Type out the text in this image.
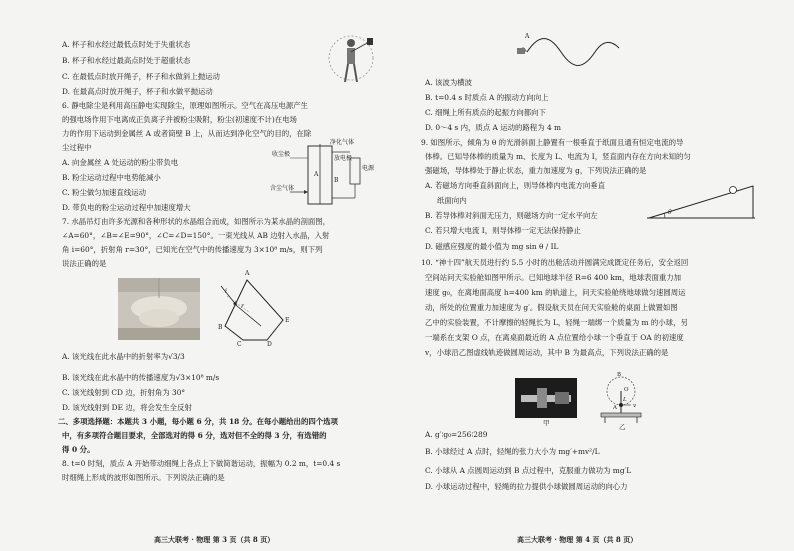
A. 杯子和水经过最低点时处于失重状态
B. 杯子和水经过最高点时处于超重状态
C. 在最低点时放开绳子，杯子和水做斜上抛运动
D. 在最高点时放开绳子，杯子和水做平抛运动
6. 静电除尘是利用高压静电实现除尘，原理如图所示。空气在高压电源产生
的强电场作用下电离成正负离子并被粉尘吸附，粉尘(初速度不计)在电场
力的作用下运动到金属丝 A 或者筒壁 B 上，从而达到净化空气的目的，在除
尘过程中
A. 向金属丝 A 处运动的粉尘带负电
B. 粉尘运动过程中电势能减小
C. 粉尘做匀加速直线运动
D. 带负电的粉尘运动过程中加速度增大
净化气体
收尘极
放电极
电源
含尘气体
A
B
7. 水晶吊灯由许多光源和各种形状的水晶组合而成，如图所示为某水晶的剖面图，
∠A=60°，∠B=∠E=90°，∠C=∠D=150°。一束光线从 AB 边射入水晶，入射
角 i=60°，折射角 r=30°，已知光在空气中的传播速度为 3×10⁸ m/s，则下列
说法正确的是
A
B
C	D
E
i
r
A. 该光线在此水晶中的折射率为√3/3
B. 该光线在此水晶中的传播速度为√3×10⁸ m/s
C. 该光线射到 CD 边，折射角为 30°
D. 该光线射到 DE 边，将会发生全反射
二、多项选择题：本题共 3 小题，每小题 6 分，共 18 分。在每小题给出的四个选项
中，有多项符合题目要求，全部选对的得 6 分，选对但不全的得 3 分，有选错的
得 0 分。
8. t=0 时刻，质点 A 开始带动细绳上各点上下做简谐运动，振幅为 0.2 m，t=0.4 s
时细绳上形成的波形如图所示。下列说法正确的是
高三大联考 · 物理 第 3 页（共 8 页）
A
A. 该波为横波
B. t=0.4 s 时质点 A 的振动方向向上
C. 细绳上所有质点的起振方向都向下
D. 0～4 s 内，质点 A 运动的路程为 4 m
9. 如图所示，倾角为 θ 的光滑斜面上静置有一根垂直于纸面且通有恒定电流的导
体棒。已知导体棒的质量为 m、长度为 L、电流为 I，竖直面内存在方向未知的匀
强磁场，导体棒处于静止状态，重力加速度为 g，下列说法正确的是
A. 若磁场方向垂直斜面向上，则导体棒内电流方向垂直
纸面向内
B. 若导体棒对斜面无压力，则磁场方向一定水平向左
C. 若只增大电流 I，则导体棒一定无法保持静止
D. 磁感应强度的最小值为 mg sin θ / IL
θ
10. “神十四”航天员进行约 5.5 小时的出舱活动并圆满完成既定任务后，安全返回
空间站问天实验舱如图甲所示。已知地球半径 R=6 400 km，地球表面重力加
速度 g₀，在离地面高度 h=400 km 的轨道上，问天实验舱绕地球做匀速圆周运
动，所处的位置重力加速度为 g′。假设航天员在问天实验舱的桌面上做置如图
乙中的实验装置，不计摩擦的轻绳长为 L，轻绳一端绑一个质量为 m 的小球，另
一端系在支架 O 点，在离桌面最近的 A 点位置给小球一个垂直于 OA 的初速度
v，小球沿乙图虚线轨迹做圆周运动，其中 B 为最高点，下列说法正确的是
甲
O
B
A
L
v
乙
A. g′∶g₀=256∶289
B. 小球经过 A 点时，轻绳的张力大小为 mg′+mv²/L
C. 小球从 A 点圆周运动到 B 点过程中，克服重力做功为 mg′L
D. 小球运动过程中，轻绳的拉力提供小球做圆周运动的向心力
高三大联考 · 物理 第 4 页（共 8 页）
